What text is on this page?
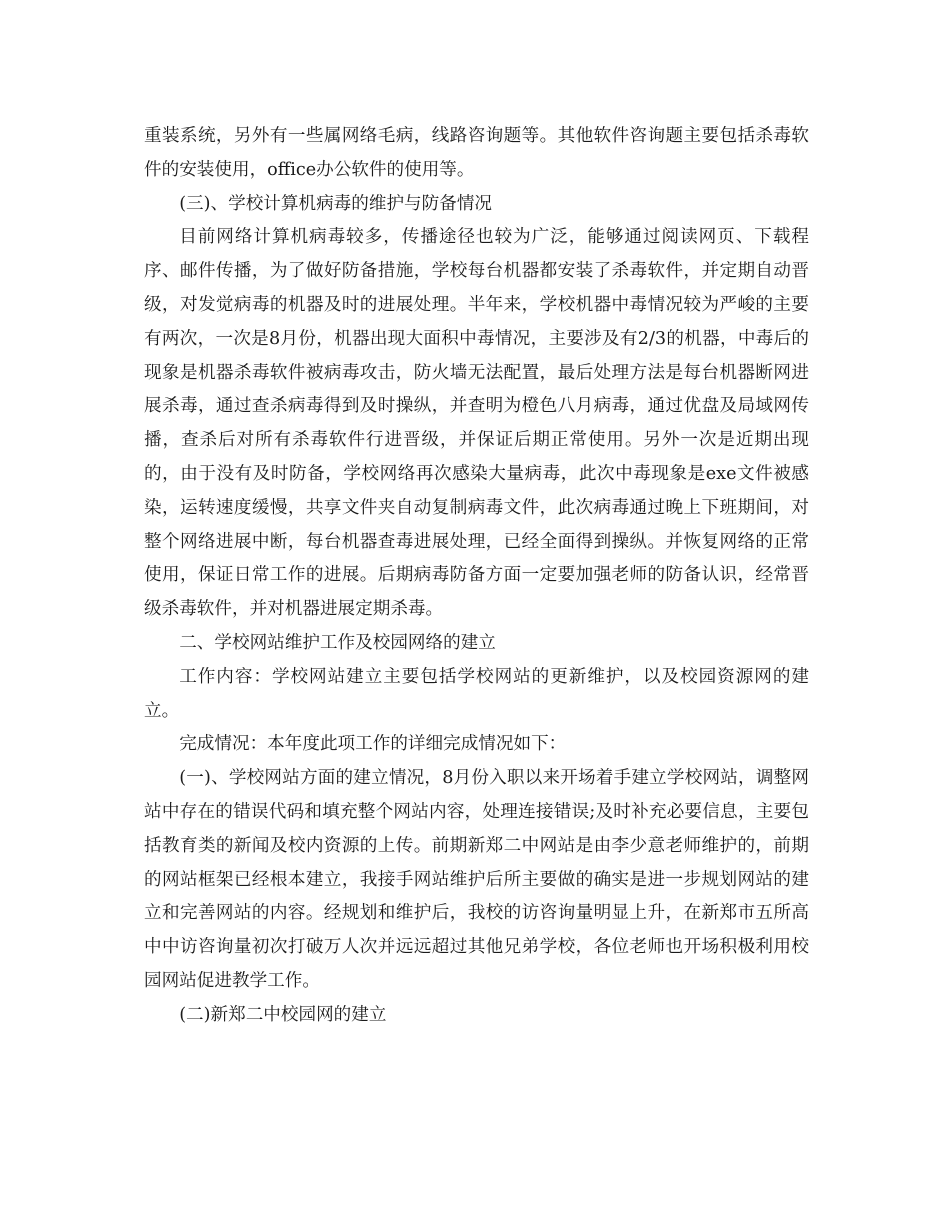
重装系统，另外有一些属网络毛病，线路咨询题等。其他软件咨询题主要包括杀毒软件的安装使用，office办公软件的使用等。

(三)、学校计算机病毒的维护与防备情况

目前网络计算机病毒较多，传播途径也较为广泛，能够通过阅读网页、下载程序、邮件传播，为了做好防备措施，学校每台机器都安装了杀毒软件，并定期自动晋级，对发觉病毒的机器及时的进展处理。半年来，学校机器中毒情况较为严峻的主要有两次，一次是8月份，机器出现大面积中毒情况，主要涉及有2/3的机器，中毒后的现象是机器杀毒软件被病毒攻击，防火墙无法配置，最后处理方法是每台机器断网进展杀毒，通过查杀病毒得到及时操纵，并查明为橙色八月病毒，通过优盘及局域网传播，查杀后对所有杀毒软件行进晋级，并保证后期正常使用。另外一次是近期出现的，由于没有及时防备，学校网络再次感染大量病毒，此次中毒现象是exe文件被感染，运转速度缓慢，共享文件夹自动复制病毒文件，此次病毒通过晚上下班期间，对整个网络进展中断，每台机器查毒进展处理，已经全面得到操纵。并恢复网络的正常使用，保证日常工作的进展。后期病毒防备方面一定要加强老师的防备认识，经常晋级杀毒软件，并对机器进展定期杀毒。

二、学校网站维护工作及校园网络的建立

工作内容：学校网站建立主要包括学校网站的更新维护，以及校园资源网的建立。

完成情况：本年度此项工作的详细完成情况如下：

(一)、学校网站方面的建立情况，8月份入职以来开场着手建立学校网站，调整网站中存在的错误代码和填充整个网站内容，处理连接错误;及时补充必要信息，主要包括教育类的新闻及校内资源的上传。前期新郑二中网站是由李少意老师维护的，前期的网站框架已经根本建立，我接手网站维护后所主要做的确实是进一步规划网站的建立和完善网站的内容。经规划和维护后，我校的访咨询量明显上升，在新郑市五所高中中访咨询量初次打破万人次并远远超过其他兄弟学校，各位老师也开场积极利用校园网站促进教学工作。

(二)新郑二中校园网的建立
